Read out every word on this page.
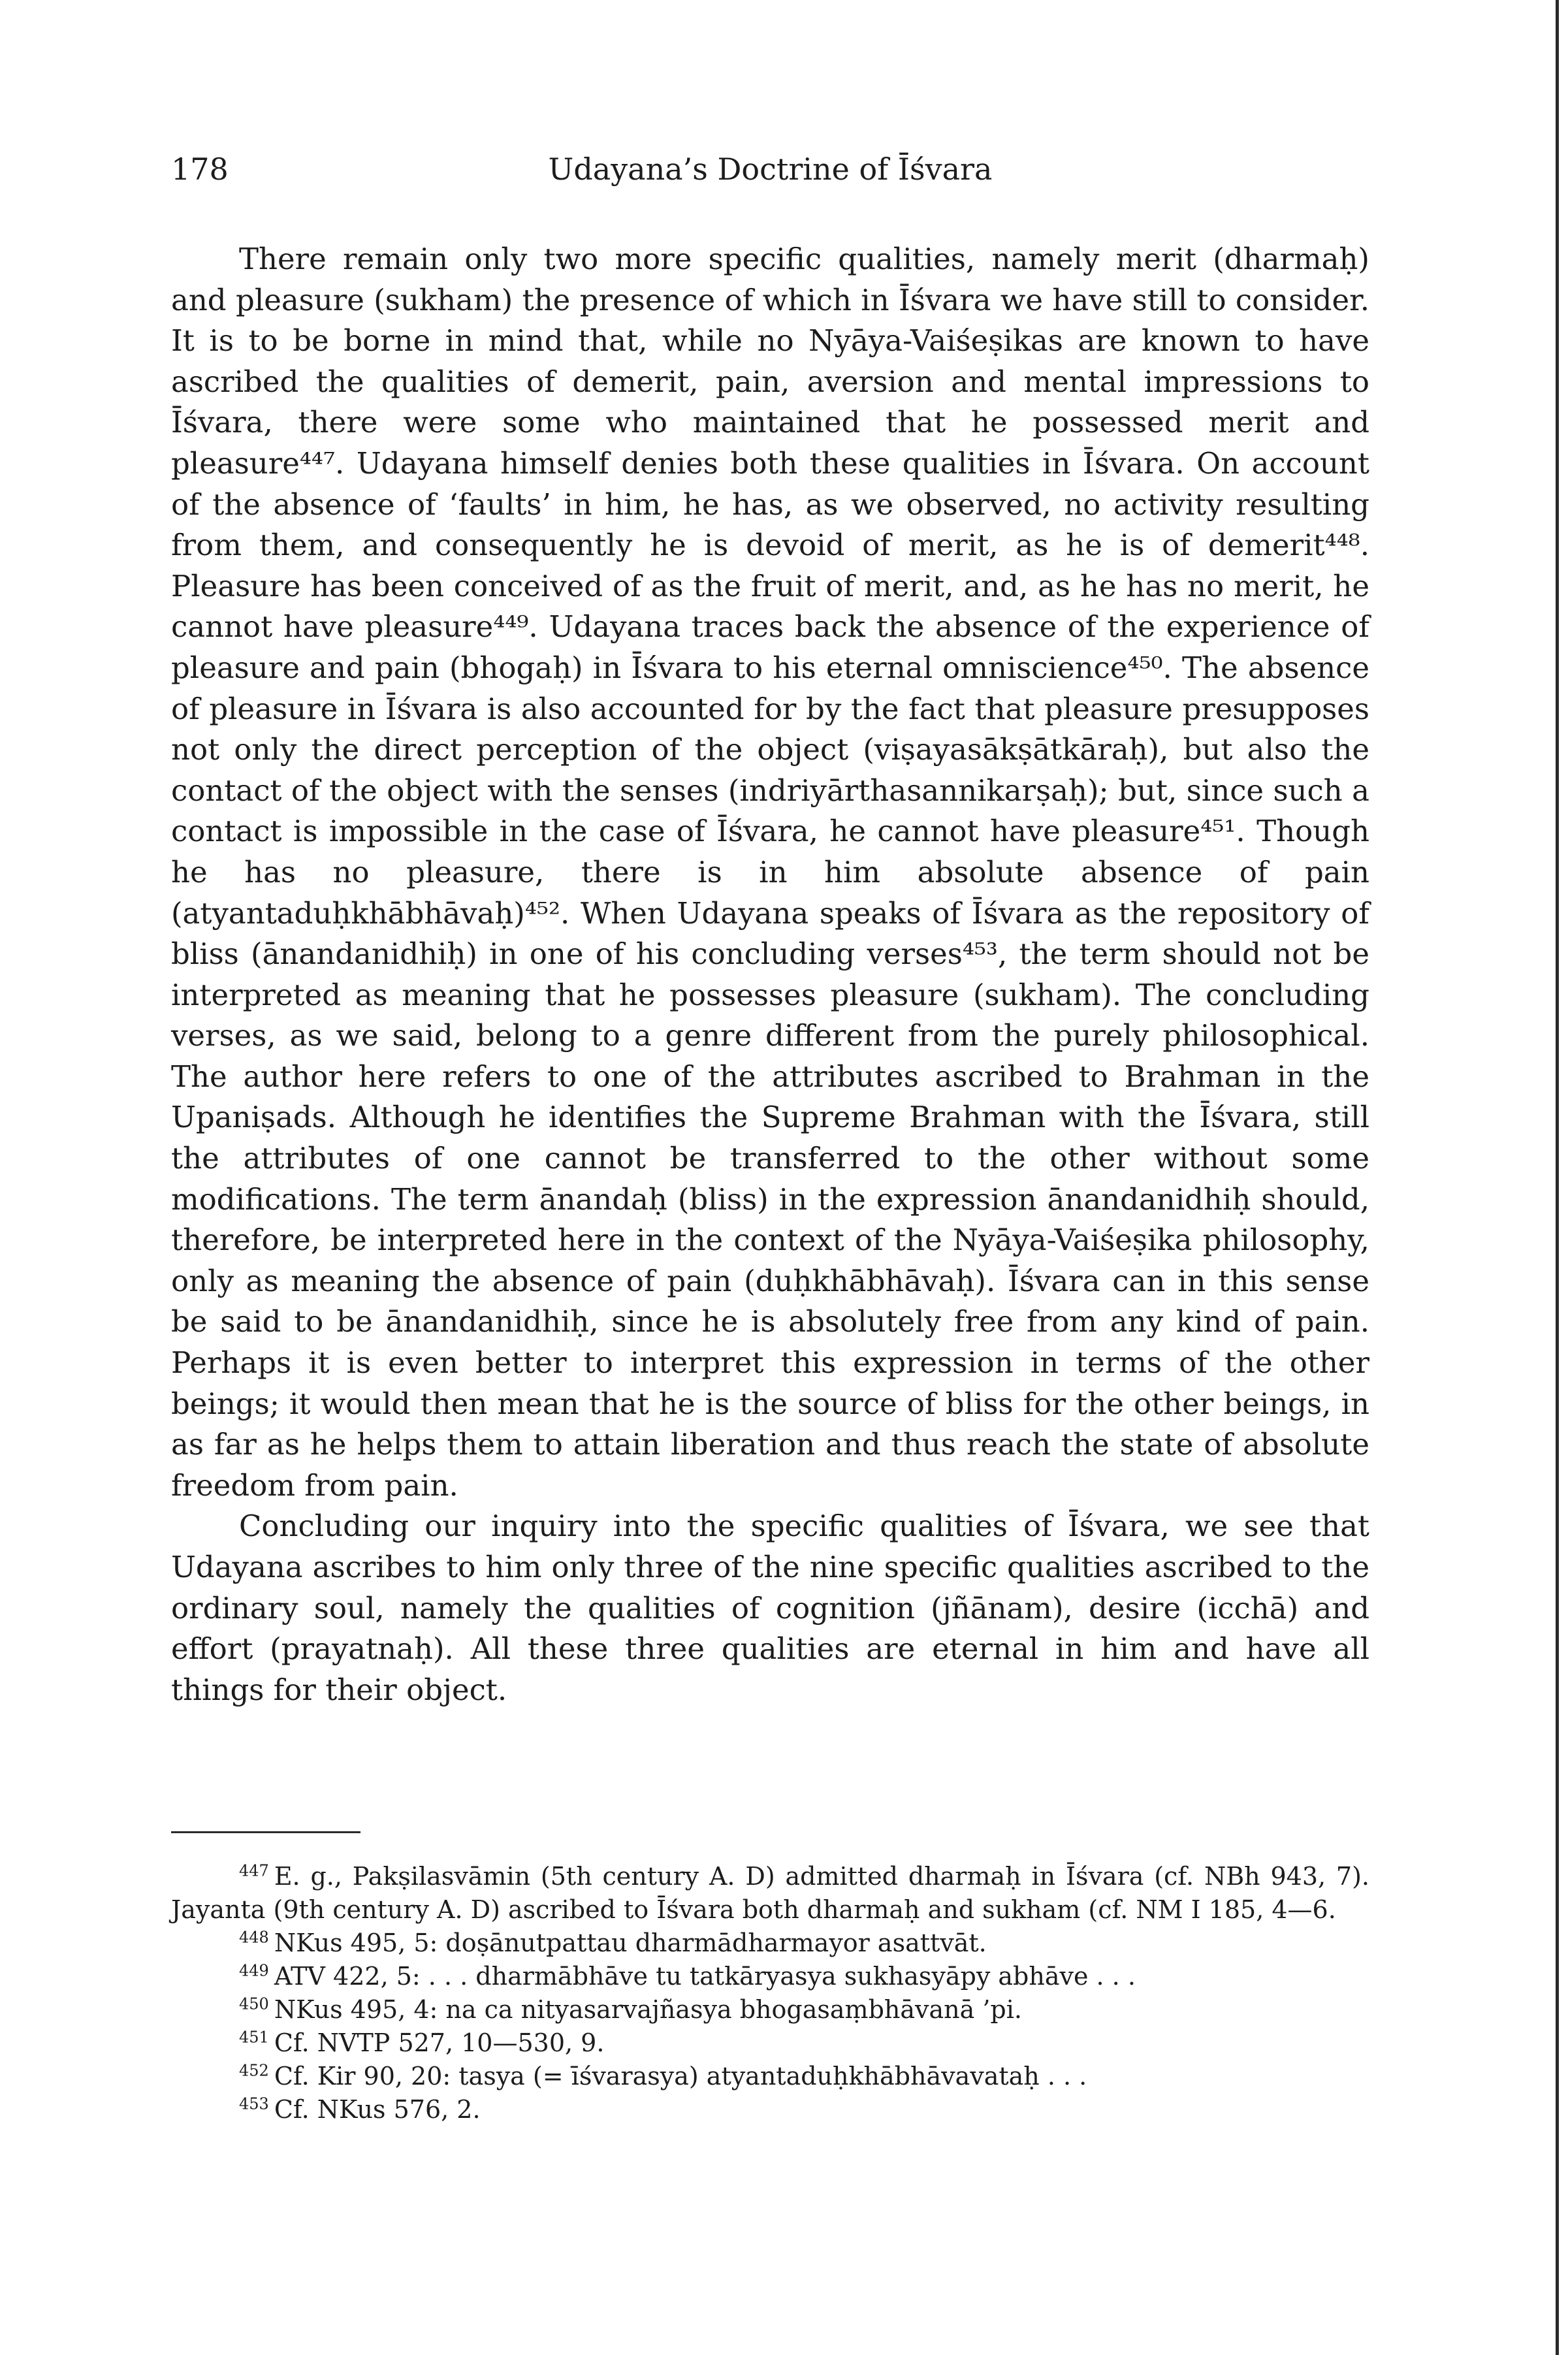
178	Udayana’s Doctrine of Īśvara

There remain only two more specific qualities, namely merit (dharmaḥ) and pleasure (sukham) the presence of which in Īśvara we have still to consider. It is to be borne in mind that, while no Nyāya-Vaiśeṣikas are known to have ascribed the qualities of demerit, pain, aversion and mental impressions to Īśvara, there were some who maintained that he possessed merit and pleasure⁴⁴⁷. Udayana himself denies both these qualities in Īśvara. On account of the absence of ‘faults’ in him, he has, as we observed, no activity resulting from them, and consequently he is devoid of merit, as he is of demerit⁴⁴⁸. Pleasure has been conceived of as the fruit of merit, and, as he has no merit, he cannot have pleasure⁴⁴⁹. Udayana traces back the absence of the experience of pleasure and pain (bhogaḥ) in Īśvara to his eternal omniscience⁴⁵⁰. The absence of pleasure in Īśvara is also accounted for by the fact that pleasure presupposes not only the direct perception of the object (viṣayasākṣātkāraḥ), but also the contact of the object with the senses (indriyārthasannikarṣaḥ); but, since such a contact is impossible in the case of Īśvara, he cannot have pleasure⁴⁵¹. Though he has no pleasure, there is in him absolute absence of pain (atyantaduḥkhābhāvaḥ)⁴⁵². When Udayana speaks of Īśvara as the repository of bliss (ānandanidhiḥ) in one of his concluding verses⁴⁵³, the term should not be interpreted as meaning that he possesses pleasure (sukham). The concluding verses, as we said, belong to a genre different from the purely philosophical. The author here refers to one of the attributes ascribed to Brahman in the Upaniṣads. Although he identifies the Supreme Brahman with the Īśvara, still the attributes of one cannot be transferred to the other without some modifications. The term ānandaḥ (bliss) in the expression ānandanidhiḥ should, therefore, be interpreted here in the context of the Nyāya-Vaiśeṣika philosophy, only as meaning the absence of pain (duḥkhābhāvaḥ). Īśvara can in this sense be said to be ānandanidhiḥ, since he is absolutely free from any kind of pain. Perhaps it is even better to interpret this expression in terms of the other beings; it would then mean that he is the source of bliss for the other beings, in as far as he helps them to attain liberation and thus reach the state of absolute freedom from pain.

Concluding our inquiry into the specific qualities of Īśvara, we see that Udayana ascribes to him only three of the nine specific qualities ascribed to the ordinary soul, namely the qualities of cognition (jñānam), desire (icchā) and effort (prayatnaḥ). All these three qualities are eternal in him and have all things for their object.

$^{447}$ E. g., Pakṣilasvāmin (5th century A. D) admitted dharmaḥ in Īśvara (cf. NBh 943, 7). Jayanta (9th century A. D) ascribed to Īśvara both dharmaḥ and sukham (cf. NM I 185, 4—6.

$^{448}$ NKus 495, 5: doṣānutpattau dharmādharmayor asattvāt.

$^{449}$ ATV 422, 5: . . . dharmābhāve tu tatkāryasya sukhasyāpy abhāve . . .

$^{450}$ NKus 495, 4: na ca nityasarvajñasya bhogasaṃbhāvanā ’pi.

$^{451}$ Cf. NVTP 527, 10—530, 9.

$^{452}$ Cf. Kir 90, 20: tasya (= īśvarasya) atyantaduḥkhābhāvavataḥ . . .

$^{453}$ Cf. NKus 576, 2.
